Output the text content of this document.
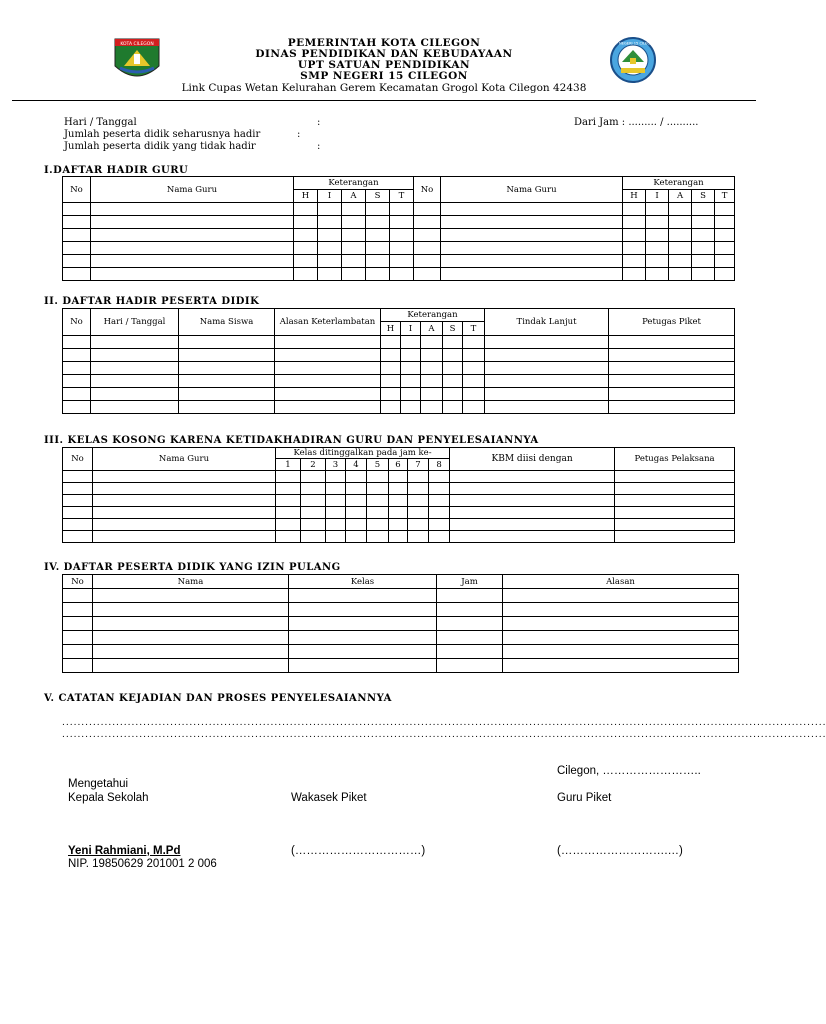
KOTA CILEGON	SMP NEGERI 15 CILEGON
PEMERINTAH KOTA CILEGON
DINAS PENDIDIKAN DAN KEBUDAYAAN
UPT SATUAN PENDIDIKAN
SMP NEGERI 15 CILEGON
Link Cupas Wetan Kelurahan Gerem Kecamatan Grogol Kota Cilegon 42438
Hari / Tanggal	:	Dari Jam : ......... / ..........
Jumlah peserta didik seharusnya hadir	:
Jumlah peserta didik yang tidak hadir	:
I.DAFTAR HADIR GURU
No	Nama Guru	Keterangan					No	Nama Guru	Keterangan				
		H	I	A	S	T			H	I	A	S	T

II. DAFTAR HADIR PESERTA DIDIK
No	Hari / Tanggal	Nama Siswa	Alasan Keterlambatan	Keterangan					Tindak Lanjut	Petugas Piket
				H	I	A	S	T		

III. KELAS KOSONG KARENA KETIDAKHADIRAN GURU DAN PENYELESAIANNYA
No	Nama Guru	Kelas ditinggalkan pada jam ke-								KBM diisi dengan	Petugas Pelaksana
		1	2	3	4	5	6	7	8		

IV. DAFTAR PESERTA DIDIK YANG IZIN PULANG
No	Nama	Kelas	Jam	Alasan

V. CATATAN KEJADIAN DAN PROSES PENYELESAIANNYA
......................................................................................................................................................................................................
......................................................................................................................................................................................................
Cilegon, ……………………..
Mengetahui
Kepala Sekolah	Wakasek Piket	Guru Piket
Yeni Rahmiani, M.Pd	(……………………………)	(……………………….…)
NIP. 19850629 201001 2 006
